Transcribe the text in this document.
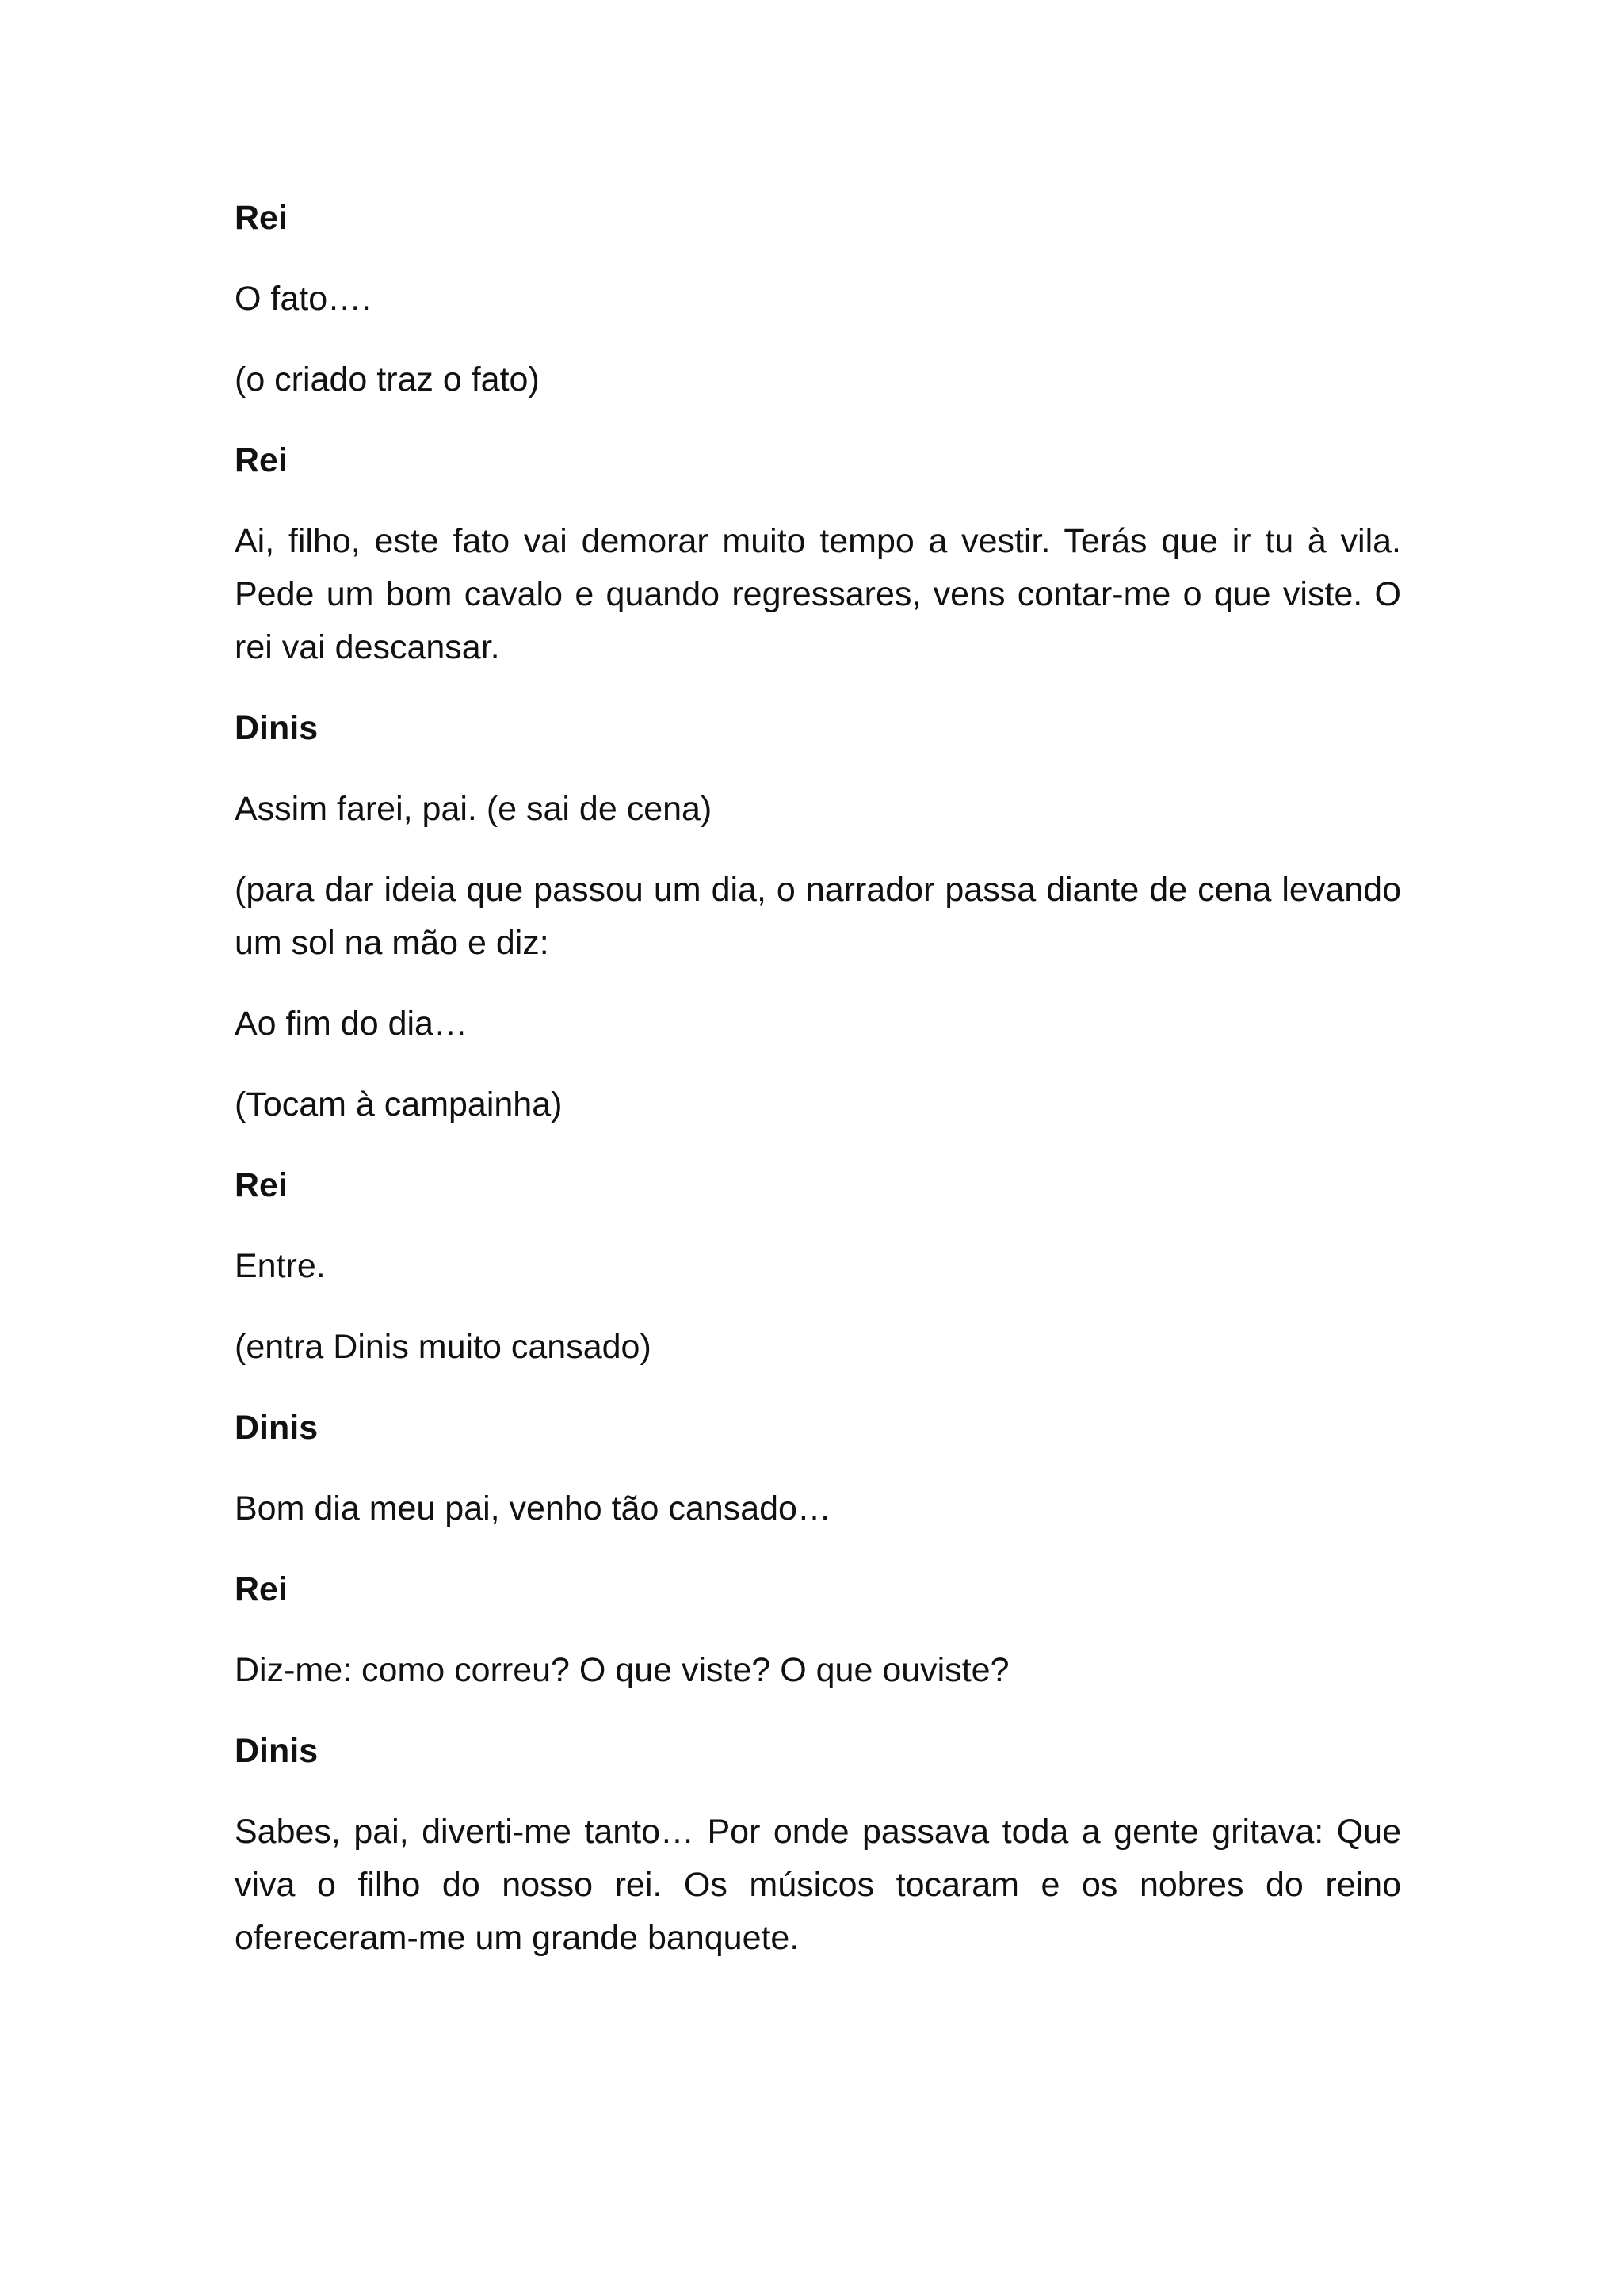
Rei

O fato….

(o criado traz o fato)

Rei

Ai, filho, este fato vai demorar muito tempo a vestir. Terás que ir tu à vila. Pede um bom cavalo e quando regressares, vens contar-me o que viste. O rei vai descansar.

Dinis

Assim farei, pai. (e sai de cena)

(para dar ideia que passou um dia, o narrador passa diante de cena levando um sol na mão e diz:

Ao fim do dia…

(Tocam à campainha)

Rei

Entre.

(entra Dinis muito cansado)

Dinis

Bom dia meu pai, venho tão cansado…

Rei

Diz-me: como correu? O que viste? O que ouviste?

Dinis

Sabes, pai, diverti-me tanto… Por onde passava toda a gente gritava: Que viva o filho do nosso rei. Os músicos tocaram e os nobres do reino ofereceram-me um grande banquete.
